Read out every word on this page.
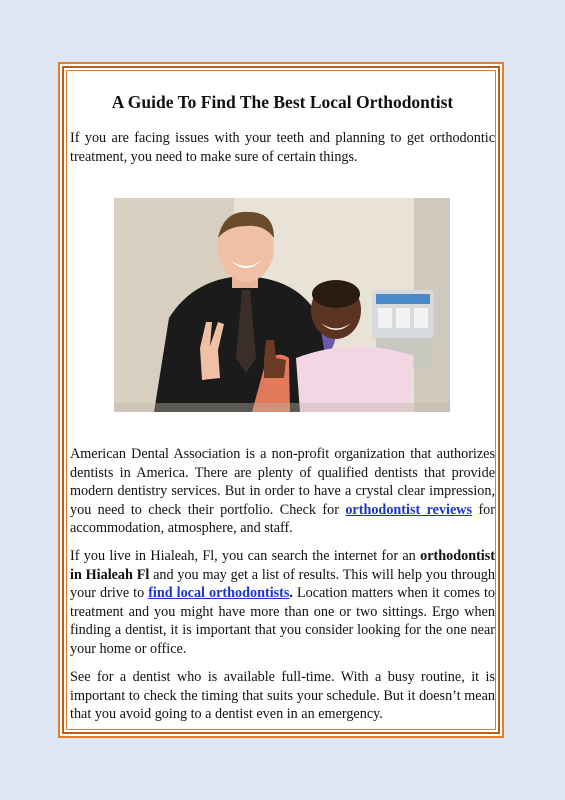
A Guide To Find The Best Local Orthodontist

If you are facing issues with your teeth and planning to get orthodontic treatment, you need to make sure of certain things.

American Dental Association is a non-profit organization that authorizes dentists in America. There are plenty of qualified dentists that provide modern dentistry services. But in order to have a crystal clear impression, you need to check their portfolio. Check for orthodontist reviews for accommodation, atmosphere, and staff.

If you live in Hialeah, Fl, you can search the internet for an orthodontist in Hialeah Fl and you may get a list of results. This will help you through your drive to find local orthodontists. Location matters when it comes to treatment and you might have more than one or two sittings. Ergo when finding a dentist, it is important that you consider looking for the one near your home or office.

See for a dentist who is available full-time. With a busy routine, it is important to check the timing that suits your schedule. But it doesn’t mean that you avoid going to a dentist even in an emergency.
